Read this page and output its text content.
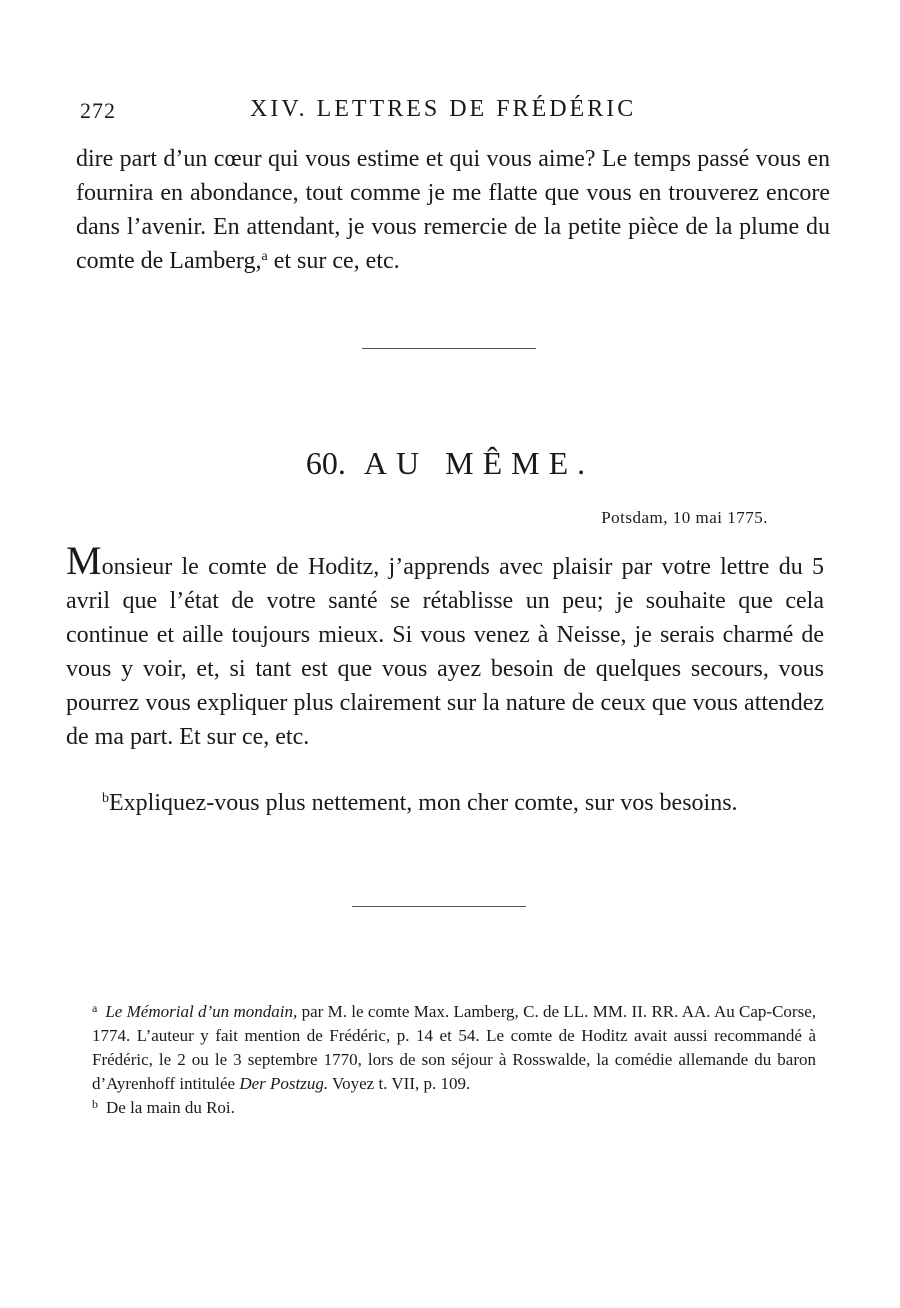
272	XIV. LETTRES DE FRÉDÉRIC

dire part d’un cœur qui vous estime et qui vous aime? Le temps passé vous en fournira en abondance, tout comme je me flatte que vous en trouverez encore dans l’avenir. En attendant, je vous remercie de la petite pièce de la plume du comte de Lamberg,$^a$ et sur ce, etc.

60. AU MÊME.
Potsdam, 10 mai 1775.

Monsieur le comte de Hoditz, j’apprends avec plaisir par votre lettre du 5 avril que l’état de votre santé se rétablisse un peu; je souhaite que cela continue et aille toujours mieux. Si vous venez à Neisse, je serais charmé de vous y voir, et, si tant est que vous ayez besoin de quelques secours, vous pourrez vous expliquer plus clairement sur la nature de ceux que vous attendez de ma part. Et sur ce, etc.

$^b$Expliquez-vous plus nettement, mon cher comte, sur vos besoins.

$^a$ Le Mémorial d’un mondain, par M. le comte Max. Lamberg, C. de LL. MM. II. RR. AA. Au Cap-Corse, 1774. L’auteur y fait mention de Frédéric, p. 14 et 54. Le comte de Hoditz avait aussi recommandé à Frédéric, le 2 ou le 3 septembre 1770, lors de son séjour à Rosswalde, la comédie allemande du baron d’Ayrenhoff intitulée Der Postzug. Voyez t. VII, p. 109.

$^b$ De la main du Roi.
